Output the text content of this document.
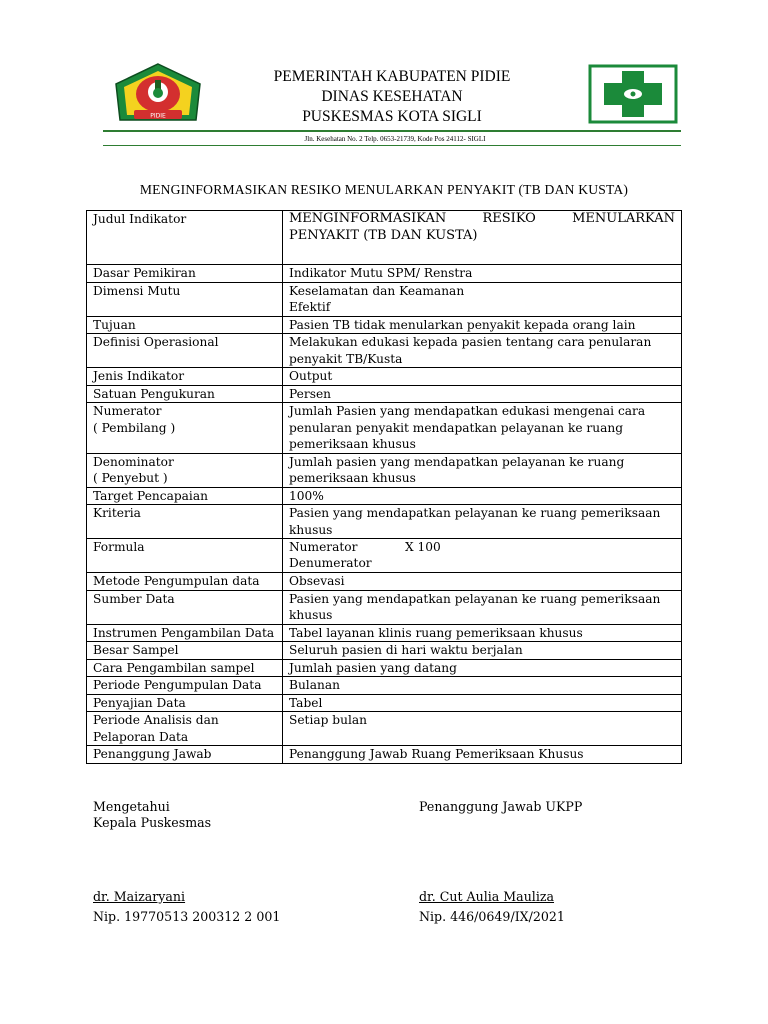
PIDIE
PEMERINTAH KABUPATEN PIDIE
DINAS KESEHATAN
PUSKESMAS KOTA SIGLI
Jln. Kesehatan No. 2 Telp. 0653-21739, Kode Pos 24112- SIGLI
MENGINFORMASIKAN RESIKO MENULARKAN PENYAKIT (TB DAN KUSTA)
Judul Indikator	MENGINFORMASIKAN RESIKO MENULARKAN PENYAKIT (TB DAN KUSTA)
Dasar Pemikiran	Indikator Mutu SPM/ Renstra
Dimensi Mutu	Keselamatan dan Keamanan
Efektif

Tujuan	Pasien TB tidak menularkan penyakit kepada orang lain
Definisi Operasional	Melakukan edukasi kepada pasien tentang cara penularan penyakit TB/Kusta
Jenis Indikator	Output
Satuan Pengukuran	Persen

Numerator
( Pembilang )	Jumlah Pasien yang mendapatkan edukasi mengenai cara penularan penyakit mendapatkan pelayanan ke ruang pemeriksaan khusus

Denominator
( Penyebut )	Jumlah pasien yang mendapatkan pelayanan ke ruang pemeriksaan khusus
Target Pencapaian	100%
Kriteria	Pasien yang mendapatkan pelayanan ke ruang pemeriksaan khusus
Formula	Numerator X 100
Denumerator

Metode Pengumpulan data	Obsevasi
Sumber Data	Pasien yang mendapatkan pelayanan ke ruang pemeriksaan khusus
Instrumen Pengambilan Data	Tabel layanan klinis ruang pemeriksaan khusus
Besar Sampel	Seluruh pasien di hari waktu berjalan
Cara Pengambilan sampel	Jumlah pasien yang datang
Periode Pengumpulan Data	Bulanan
Penyajian Data	Tabel

Periode Analisis dan
Pelaporan Data	Setiap bulan
Penanggung Jawab	Penanggung Jawab Ruang Pemeriksaan Khusus
Mengetahui
Kepala Puskesmas
dr. Maizaryani
Nip. 19770513 200312 2 001
Penanggung Jawab UKPP
dr. Cut Aulia Mauliza
Nip. 446/0649/IX/2021
